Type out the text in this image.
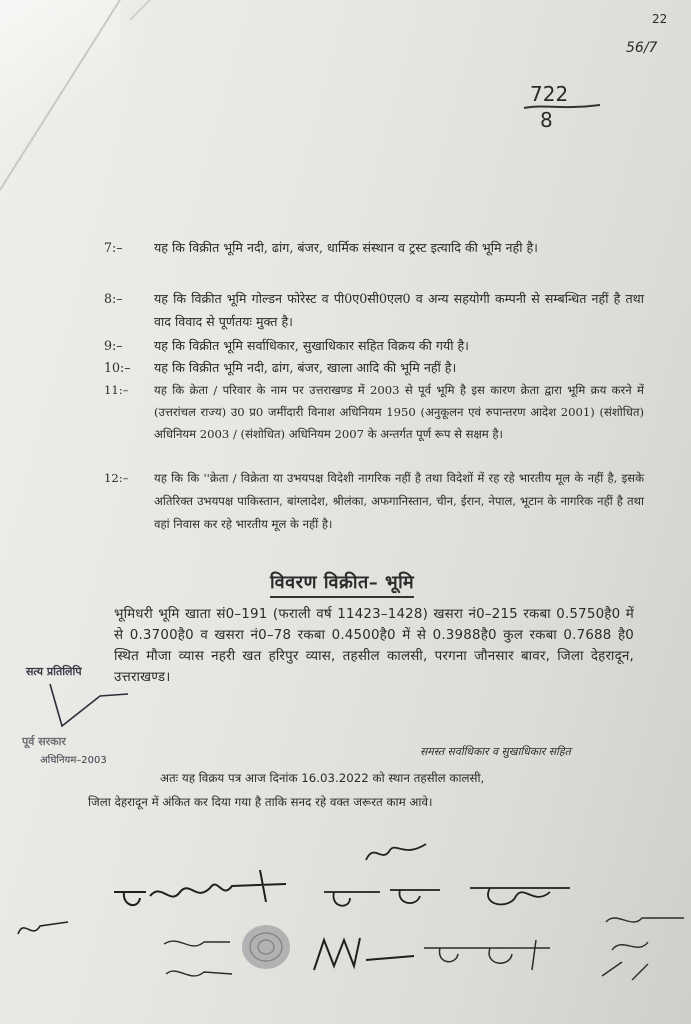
22
56/7
722
8
7:–	यह कि विक्रीत भूमि नदी, ढांग, बंजर, धार्मिक संस्थान व ट्रस्ट इत्यादि की भूमि नही है।
8:–	यह कि विक्रीत भूमि गोल्डन फोरेस्ट व पी0ए0सी0एल0 व अन्य सहयोगी कम्पनी से सम्बन्धित नहीं है तथा वाद विवाद से पूर्णतयः मुक्त है।
9:–	यह कि विक्रीत भूमि सर्वाधिकार, सुखाधिकार सहित विक्रय की गयी है।
10:–	यह कि विक्रीत भूमि नदी, ढांग, बंजर, खाला आदि की भूमि नहीं है।
11:–	यह कि क्रेता / परिवार के नाम पर उत्तराखण्ड में 2003 से पूर्व भूमि है इस कारण क्रेता द्वारा भूमि क्रय करने में (उत्तरांचल राज्य) उ0 प्र0 जमींदारी विनाश अधिनियम 1950 (अनुकूलन एवं रुपान्तरण आदेश 2001) (संशोधित) अधिनियम 2003 / (संशोधित) अधिनियम 2007 के अन्तर्गत पूर्ण रूप से सक्षम है।
12:–	यह कि कि ''क्रेता / विक्रेता या उभयपक्ष विदेशी नागरिक नहीं है तथा विदेशों में रह रहे भारतीय मूल के नहीं है, इसके अतिरिक्त उभयपक्ष पाकिस्तान, बांग्लादेश, श्रीलंका, अफगानिस्तान, चीन, ईरान, नेपाल, भूटान के नागरिक नहीं है तथा वहां निवास कर रहे भारतीय मूल के नहीं है।
विवरण विक्रीत– भूमि
भूमिधरी भूमि खाता सं0–191 (फराली वर्ष 11423–1428) खसरा नं0–215 रकबा 0.5750है0 में से 0.3700है0 व खसरा नं0–78 रकबा 0.4500है0 में से 0.3988है0 कुल रकबा 0.7688 है0 स्थित मौजा व्यास नहरी खत हरिपुर व्यास, तहसील कालसी, परगना जौनसार बावर, जिला देहरादून, उत्तराखण्ड।
सत्य प्रतिलिपि
पूर्व सरकार
अधिनियम–2003
समस्त सर्वाधिकार व सुखाधिकार सहित
अतः यह विक्रय पत्र आज दिनांक 16.03.2022 को स्थान तहसील कालसी,
जिला देहरादून में अंकित कर दिया गया है ताकि सनद रहे वक्त जरूरत काम आवे।
